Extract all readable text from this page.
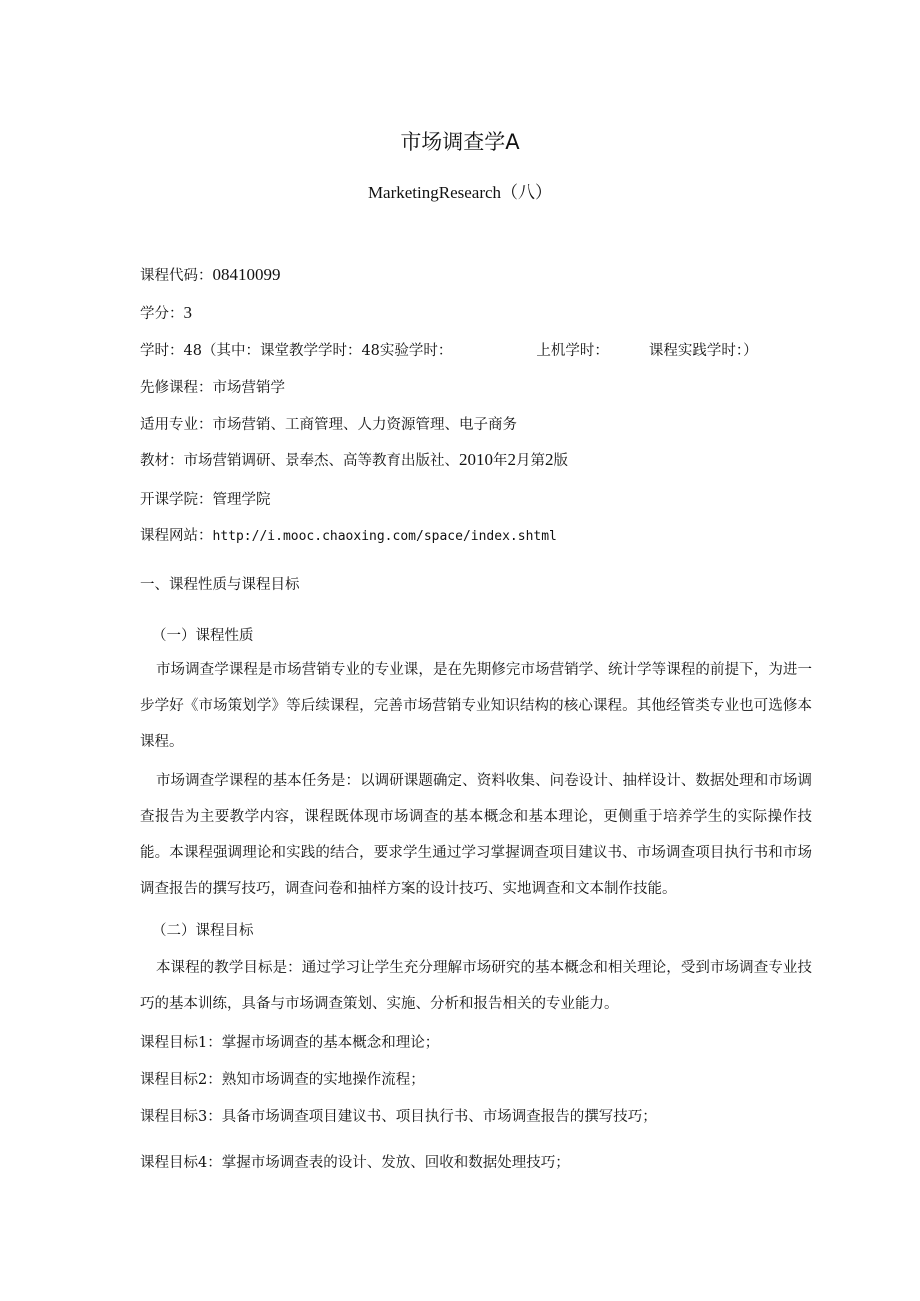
市场调查学A
MarketingResearch（八）
课程代码：08410099
学分：3
学时：48（其中：课堂教学学时：48实验学时：	上机学时：	课程实践学时：）
先修课程：市场营销学
适用专业：市场营销、工商管理、人力资源管理、电子商务
教材：市场营销调研、景奉杰、高等教育出版社、2010年2月第2版
开课学院：管理学院
课程网站：http://i.mooc.chaoxing.com/space/index.shtml
一、课程性质与课程目标
（一）课程性质
市场调查学课程是市场营销专业的专业课，是在先期修完市场营销学、统计学等课程的前提下，为进一步学好《市场策划学》等后续课程，完善市场营销专业知识结构的核心课程。其他经管类专业也可选修本课程。
市场调查学课程的基本任务是：以调研课题确定、资料收集、问卷设计、抽样设计、数据处理和市场调查报告为主要教学内容，课程既体现市场调查的基本概念和基本理论，更侧重于培养学生的实际操作技能。本课程强调理论和实践的结合，要求学生通过学习掌握调查项目建议书、市场调查项目执行书和市场调查报告的撰写技巧，调查问卷和抽样方案的设计技巧、实地调查和文本制作技能。
（二）课程目标
本课程的教学目标是：通过学习让学生充分理解市场研究的基本概念和相关理论，受到市场调查专业技巧的基本训练，具备与市场调查策划、实施、分析和报告相关的专业能力。
课程目标1：掌握市场调查的基本概念和理论；
课程目标2：熟知市场调查的实地操作流程；
课程目标3：具备市场调查项目建议书、项目执行书、市场调查报告的撰写技巧；
课程目标4：掌握市场调查表的设计、发放、回收和数据处理技巧；
